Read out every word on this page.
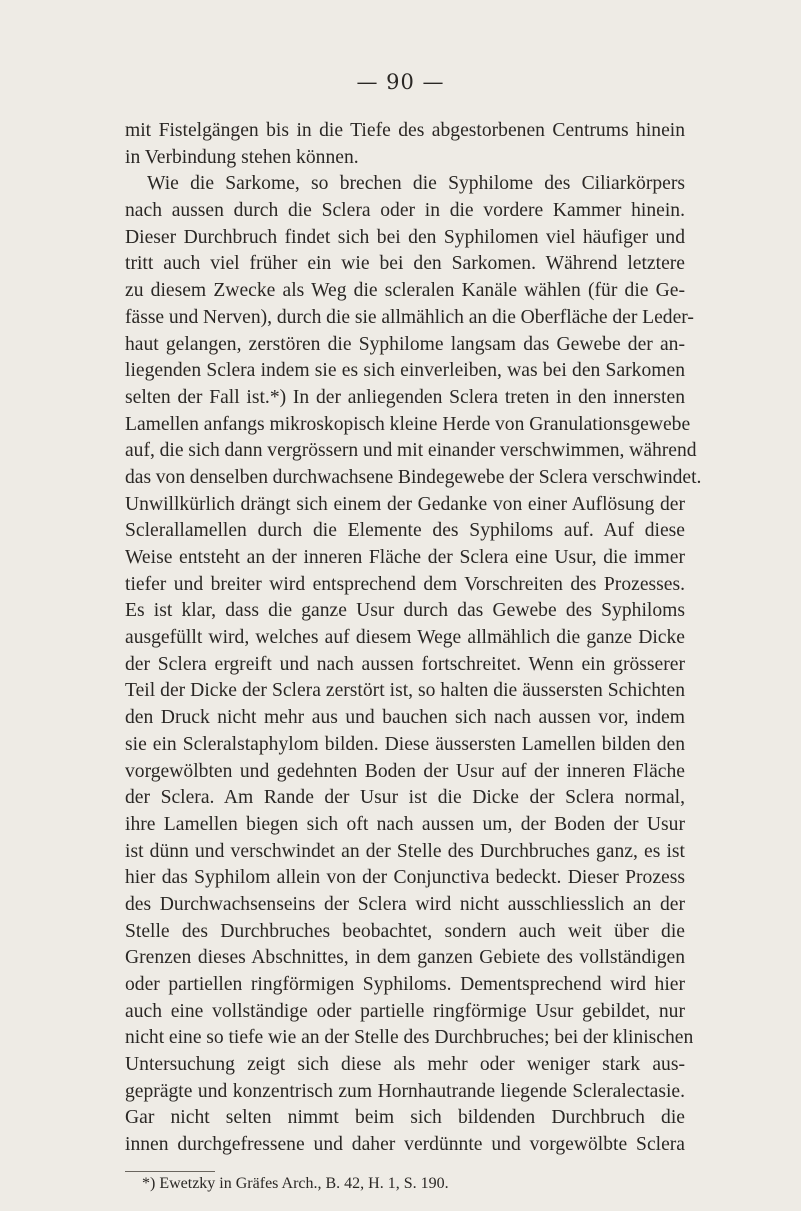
— 90 —
mit Fistelgängen bis in die Tiefe des abgestorbenen Centrums hinein
in Verbindung stehen können.
Wie die Sarkome, so brechen die Syphilome des Ciliarkörpers
nach aussen durch die Sclera oder in die vordere Kammer hinein.
Dieser Durchbruch findet sich bei den Syphilomen viel häufiger und
tritt auch viel früher ein wie bei den Sarkomen. Während letztere
zu diesem Zwecke als Weg die scleralen Kanäle wählen (für die Ge-
fässe und Nerven), durch die sie allmählich an die Oberfläche der Leder-
haut gelangen, zerstören die Syphilome langsam das Gewebe der an-
liegenden Sclera indem sie es sich einverleiben, was bei den Sarkomen
selten der Fall ist.*) In der anliegenden Sclera treten in den innersten
Lamellen anfangs mikroskopisch kleine Herde von Granulationsgewebe
auf, die sich dann vergrössern und mit einander verschwimmen, während
das von denselben durchwachsene Bindegewebe der Sclera verschwindet.
Unwillkürlich drängt sich einem der Gedanke von einer Auflösung der
Sclerallamellen durch die Elemente des Syphiloms auf. Auf diese
Weise entsteht an der inneren Fläche der Sclera eine Usur, die immer
tiefer und breiter wird entsprechend dem Vorschreiten des Prozesses.
Es ist klar, dass die ganze Usur durch das Gewebe des Syphiloms
ausgefüllt wird, welches auf diesem Wege allmählich die ganze Dicke
der Sclera ergreift und nach aussen fortschreitet. Wenn ein grösserer
Teil der Dicke der Sclera zerstört ist, so halten die äussersten Schichten
den Druck nicht mehr aus und bauchen sich nach aussen vor, indem
sie ein Scleralstaphylom bilden. Diese äussersten Lamellen bilden den
vorgewölbten und gedehnten Boden der Usur auf der inneren Fläche
der Sclera. Am Rande der Usur ist die Dicke der Sclera normal,
ihre Lamellen biegen sich oft nach aussen um, der Boden der Usur
ist dünn und verschwindet an der Stelle des Durchbruches ganz, es ist
hier das Syphilom allein von der Conjunctiva bedeckt. Dieser Prozess
des Durchwachsenseins der Sclera wird nicht ausschliesslich an der
Stelle des Durchbruches beobachtet, sondern auch weit über die
Grenzen dieses Abschnittes, in dem ganzen Gebiete des vollständigen
oder partiellen ringförmigen Syphiloms. Dementsprechend wird hier
auch eine vollständige oder partielle ringförmige Usur gebildet, nur
nicht eine so tiefe wie an der Stelle des Durchbruches; bei der klinischen
Untersuchung zeigt sich diese als mehr oder weniger stark aus-
geprägte und konzentrisch zum Hornhautrande liegende Scleralectasie.
Gar nicht selten nimmt beim sich bildenden Durchbruch die
innen durchgefressene und daher verdünnte und vorgewölbte Sclera
*) Ewetzky in Gräfes Arch., B. 42, H. 1, S. 190.
